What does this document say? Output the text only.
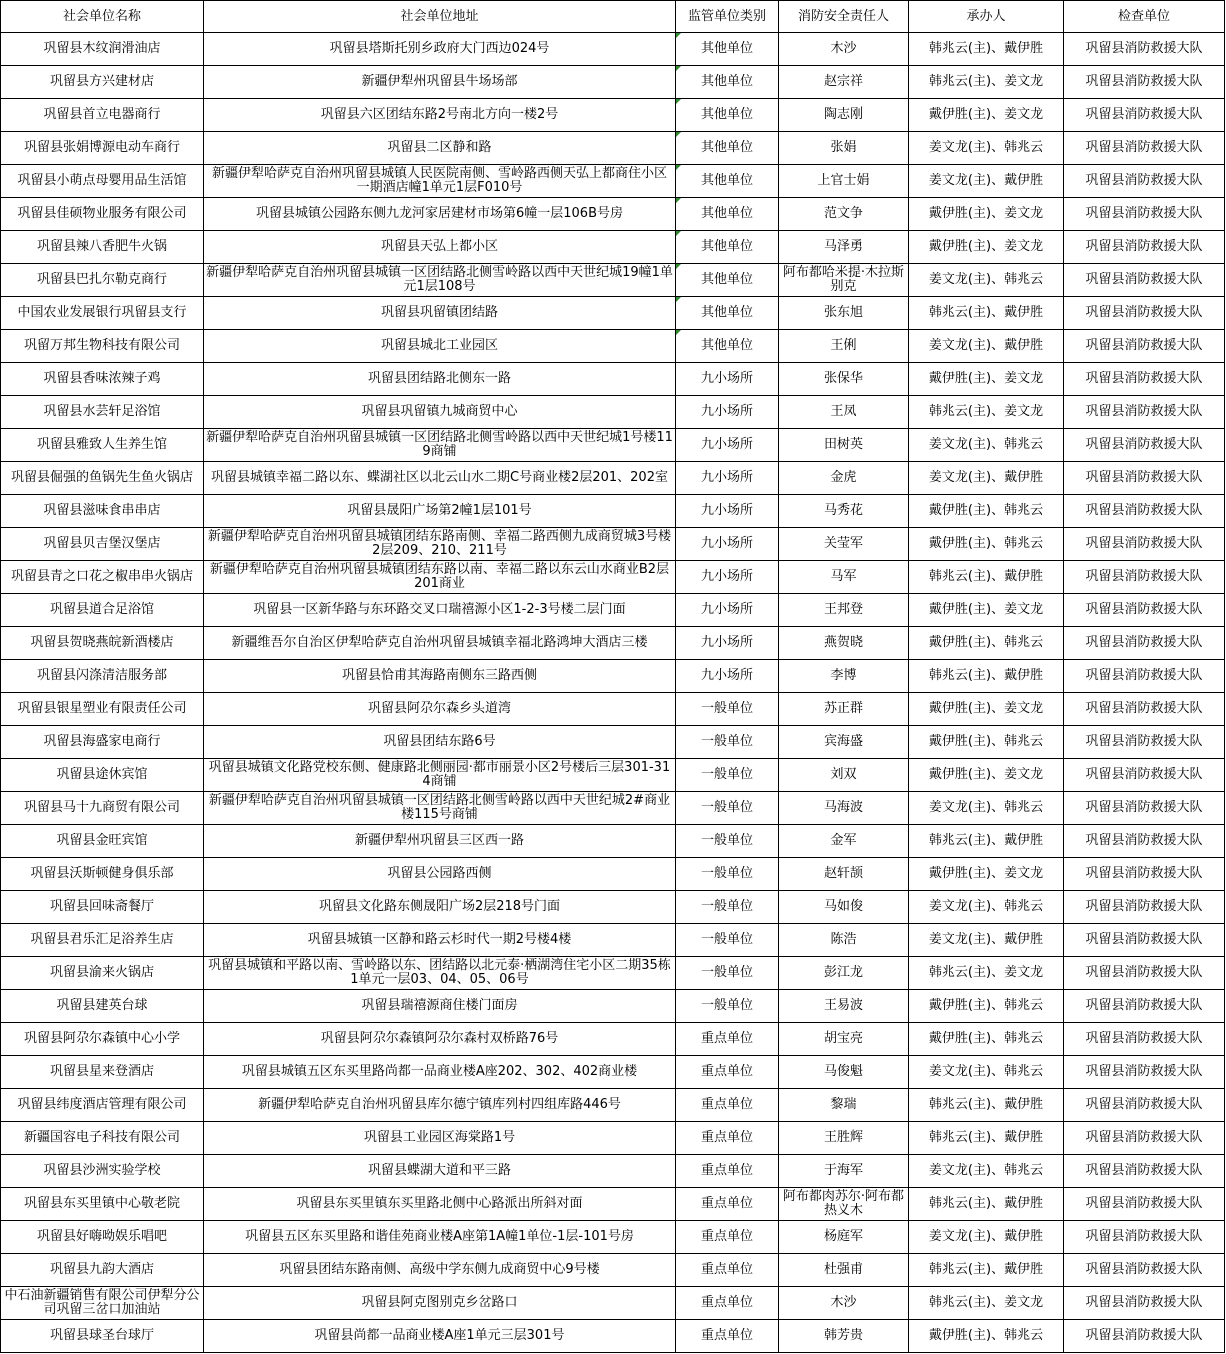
社会单位名称	社会单位地址	监管单位类别	消防安全责任人	承办人	检查单位
巩留县木纹润滑油店	巩留县塔斯托别乡政府大门西边024号	其他单位	木沙	韩兆云(主)、戴伊胜	巩留县消防救援大队
巩留县方兴建材店	新疆伊犁州巩留县牛场场部	其他单位	赵宗祥	韩兆云(主)、姜文龙	巩留县消防救援大队
巩留县首立电器商行	巩留县六区团结东路2号南北方向一楼2号	其他单位	陶志刚	戴伊胜(主)、姜文龙	巩留县消防救援大队
巩留县张娟博源电动车商行	巩留县二区静和路	其他单位	张娟	姜文龙(主)、韩兆云	巩留县消防救援大队
巩留县小萌点母婴用品生活馆	新疆伊犁哈萨克自治州巩留县城镇人民医院南侧、雪岭路西侧天弘上都商住小区一期酒店幢1单元1层F010号	其他单位	上官士娟	姜文龙(主)、戴伊胜	巩留县消防救援大队
巩留县佳硕物业服务有限公司	巩留县城镇公园路东侧九龙河家居建材市场第6幢一层106B号房	其他单位	范文争	戴伊胜(主)、姜文龙	巩留县消防救援大队
巩留县辣八香肥牛火锅	巩留县天弘上都小区	其他单位	马泽勇	戴伊胜(主)、姜文龙	巩留县消防救援大队
巩留县巴扎尔勒克商行	新疆伊犁哈萨克自治州巩留县城镇一区团结路北侧雪岭路以西中天世纪城19幢1单元1层108号	其他单位	阿布都哈米提·木拉斯别克	姜文龙(主)、韩兆云	巩留县消防救援大队
中国农业发展银行巩留县支行	巩留县巩留镇团结路	其他单位	张东旭	韩兆云(主)、戴伊胜	巩留县消防救援大队
巩留万邦生物科技有限公司	巩留县城北工业园区	其他单位	王俐	姜文龙(主)、戴伊胜	巩留县消防救援大队
巩留县香味浓辣子鸡	巩留县团结路北侧东一路	九小场所	张保华	戴伊胜(主)、姜文龙	巩留县消防救援大队
巩留县水芸轩足浴馆	巩留县巩留镇九城商贸中心	九小场所	王凤	韩兆云(主)、姜文龙	巩留县消防救援大队
巩留县雅致人生养生馆	新疆伊犁哈萨克自治州巩留县城镇一区团结路北侧雪岭路以西中天世纪城1号楼119商铺	九小场所	田树英	姜文龙(主)、韩兆云	巩留县消防救援大队
巩留县倔强的鱼锅先生鱼火锅店	巩留县城镇幸福二路以东、蝶湖社区以北云山水二期C号商业楼2层201、202室	九小场所	金虎	姜文龙(主)、戴伊胜	巩留县消防救援大队
巩留县滋味食串串店	巩留县晟阳广场第2幢1层101号	九小场所	马秀花	戴伊胜(主)、韩兆云	巩留县消防救援大队
巩留县贝吉堡汉堡店	新疆伊犁哈萨克自治州巩留县城镇团结东路南侧、幸福二路西侧九成商贸城3号楼2层209、210、211号	九小场所	关莹军	戴伊胜(主)、韩兆云	巩留县消防救援大队
巩留县青之口花之椒串串火锅店	新疆伊犁哈萨克自治州巩留县城镇团结东路以南、幸福二路以东云山水商业B2层201商业	九小场所	马军	韩兆云(主)、戴伊胜	巩留县消防救援大队
巩留县道合足浴馆	巩留县一区新华路与东环路交叉口瑞禧源小区1-2-3号楼二层门面	九小场所	王邦登	戴伊胜(主)、姜文龙	巩留县消防救援大队
巩留县贺晓燕皖新酒楼店	新疆维吾尔自治区伊犁哈萨克自治州巩留县城镇幸福北路鸿坤大酒店三楼	九小场所	燕贺晓	戴伊胜(主)、韩兆云	巩留县消防救援大队
巩留县闪涤清洁服务部	巩留县恰甫其海路南侧东三路西侧	九小场所	李博	韩兆云(主)、戴伊胜	巩留县消防救援大队
巩留县银星塑业有限责任公司	巩留县阿尕尔森乡头道湾	一般单位	苏正群	戴伊胜(主)、姜文龙	巩留县消防救援大队
巩留县海盛家电商行	巩留县团结东路6号	一般单位	宾海盛	戴伊胜(主)、韩兆云	巩留县消防救援大队
巩留县途休宾馆	巩留县城镇文化路党校东侧、健康路北侧丽园·都市丽景小区2号楼后三层301-314商铺	一般单位	刘双	戴伊胜(主)、姜文龙	巩留县消防救援大队
巩留县马十九商贸有限公司	新疆伊犁哈萨克自治州巩留县城镇一区团结路北侧雪岭路以西中天世纪城2#商业楼115号商铺	一般单位	马海波	姜文龙(主)、韩兆云	巩留县消防救援大队
巩留县金旺宾馆	新疆伊犁州巩留县三区西一路	一般单位	金军	韩兆云(主)、戴伊胜	巩留县消防救援大队
巩留县沃斯顿健身俱乐部	巩留县公园路西侧	一般单位	赵轩颉	戴伊胜(主)、姜文龙	巩留县消防救援大队
巩留县回味斋餐厅	巩留县文化路东侧晟阳广场2层218号门面	一般单位	马如俊	姜文龙(主)、韩兆云	巩留县消防救援大队
巩留县君乐汇足浴养生店	巩留县城镇一区静和路云杉时代一期2号楼4楼	一般单位	陈浩	姜文龙(主)、戴伊胜	巩留县消防救援大队
巩留县渝来火锅店	巩留县城镇和平路以南、雪岭路以东、团结路以北元泰·栖湖湾住宅小区二期35栋1单元一层03、04、05、06号	一般单位	彭江龙	韩兆云(主)、姜文龙	巩留县消防救援大队
巩留县建英台球	巩留县瑞禧源商住楼门面房	一般单位	王易波	戴伊胜(主)、韩兆云	巩留县消防救援大队
巩留县阿尕尔森镇中心小学	巩留县阿尕尔森镇阿尕尔森村双桥路76号	重点单位	胡宝亮	戴伊胜(主)、韩兆云	巩留县消防救援大队
巩留县星来登酒店	巩留县城镇五区东买里路尚都一品商业楼A座202、302、402商业楼	重点单位	马俊魁	姜文龙(主)、韩兆云	巩留县消防救援大队
巩留县纬度酒店管理有限公司	新疆伊犁哈萨克自治州巩留县库尔德宁镇库列村四组库路446号	重点单位	黎瑞	韩兆云(主)、戴伊胜	巩留县消防救援大队
新疆国容电子科技有限公司	巩留县工业园区海棠路1号	重点单位	王胜辉	韩兆云(主)、戴伊胜	巩留县消防救援大队
巩留县沙洲实验学校	巩留县蝶湖大道和平三路	重点单位	于海军	姜文龙(主)、韩兆云	巩留县消防救援大队
巩留县东买里镇中心敬老院	巩留县东买里镇东买里路北侧中心路派出所斜对面	重点单位	阿布都肉苏尔·阿布都热义木	韩兆云(主)、戴伊胜	巩留县消防救援大队
巩留县好嗨呦娱乐唱吧	巩留县五区东买里路和谐佳苑商业楼A座第1A幢1单位-1层-101号房	重点单位	杨庭军	姜文龙(主)、戴伊胜	巩留县消防救援大队
巩留县九韵大酒店	巩留县团结东路南侧、高级中学东侧九成商贸中心9号楼	重点单位	杜强甫	韩兆云(主)、戴伊胜	巩留县消防救援大队
中石油新疆销售有限公司伊犁分公司巩留三岔口加油站	巩留县阿克图别克乡岔路口	重点单位	木沙	韩兆云(主)、姜文龙	巩留县消防救援大队
巩留县球圣台球厅	巩留县尚都一品商业楼A座1单元三层301号	重点单位	韩芳贵	戴伊胜(主)、韩兆云	巩留县消防救援大队
